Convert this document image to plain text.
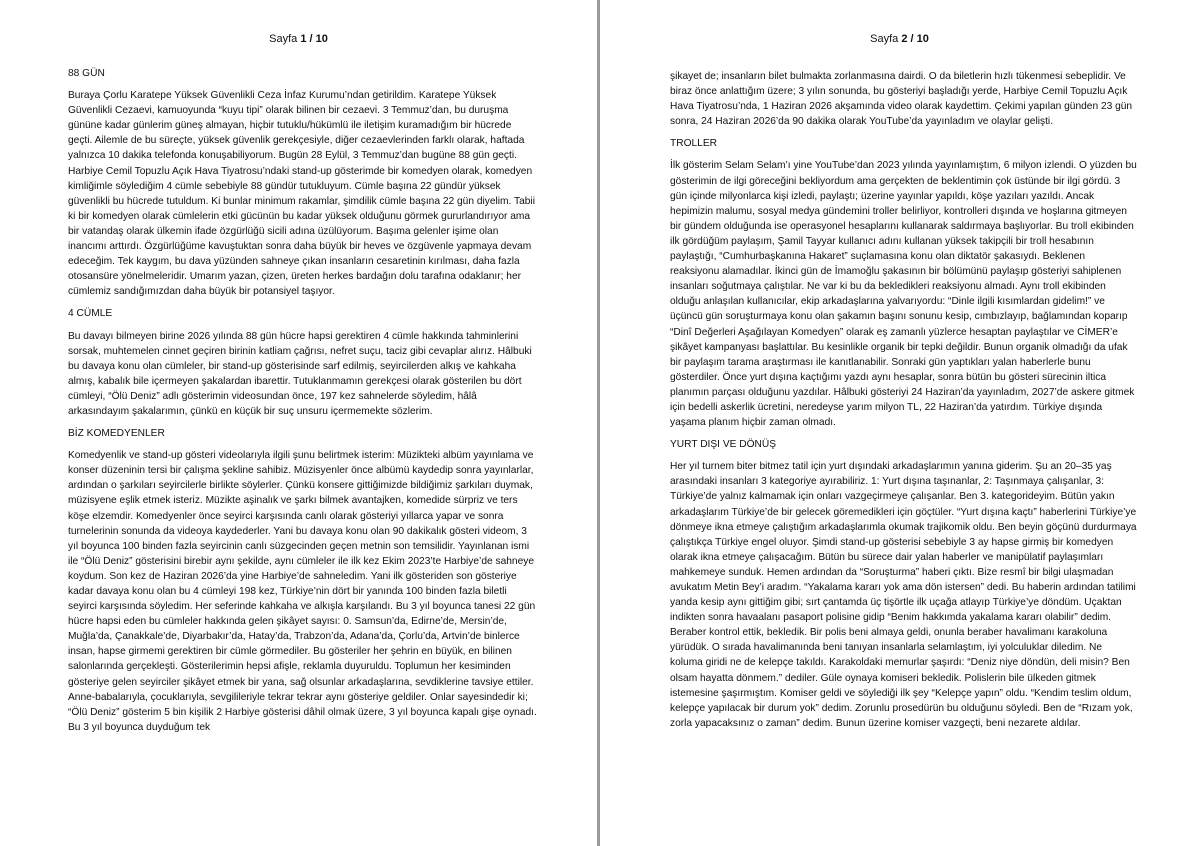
Sayfa 1 / 10
88 GÜN
Buraya Çorlu Karatepe Yüksek Güvenlikli Ceza İnfaz Kurumu’ndan getirildim. Karatepe Yüksek Güvenlikli Cezaevi, kamuoyunda “kuyu tipi” olarak bilinen bir cezaevi. 3 Temmuz’dan, bu duruşma gününe kadar günlerim güneş almayan, hiçbir tutuklu/hükümlü ile iletişim kuramadığım bir hücrede geçti. Ailemle de bu süreçte, yüksek güvenlik gerekçesiyle, diğer cezaevlerinden farklı olarak, haftada yalnızca 10 dakika telefonda konuşabiliyorum. Bugün 28 Eylül, 3 Temmuz’dan bugüne 88 gün geçti. Harbiye Cemil Topuzlu Açık Hava Tiyatrosu’ndaki stand-up gösterimde bir komedyen olarak, komedyen kimliğimle söylediğim 4 cümle sebebiyle 88 gündür tutukluyum. Cümle başına 22 gündür yüksek güvenlikli bu hücrede tutuldum. Ki bunlar minimum rakamlar, şimdilik cümle başına 22 gün diyelim. Tabii ki bir komedyen olarak cümlelerin etki gücünün bu kadar yüksek olduğunu görmek gururlandırıyor ama bir vatandaş olarak ülkemin ifade özgürlüğü sicili adına üzülüyorum. Başıma gelenler işime olan inancımı arttırdı. Özgürlüğüme kavuştuktan sonra daha büyük bir heves ve özgüvenle yapmaya devam edeceğim. Tek kaygım, bu dava yüzünden sahneye çıkan insanların cesaretinin kırılması, daha fazla otosansüre yönelmeleridir. Umarım yazan, çizen, üreten herkes bardağın dolu tarafına odaklanır; her cümlemiz sandığımızdan daha büyük bir potansiyel taşıyor.
4 CÜMLE
Bu davayı bilmeyen birine 2026 yılında 88 gün hücre hapsi gerektiren 4 cümle hakkında tahminlerini sorsak, muhtemelen cinnet geçiren birinin katliam çağrısı, nefret suçu, taciz gibi cevaplar alırız. Hâlbuki bu davaya konu olan cümleler, bir stand-up gösterisinde sarf edilmiş, seyircilerden alkış ve kahkaha almış, kabalık bile içermeyen şakalardan ibarettir. Tutuklanmamın gerekçesi olarak gösterilen bu dört cümleyi, “Ölü Deniz” adlı gösterimin videosundan önce, 197 kez sahnelerde söyledim, hâlâ arkasındayım şakalarımın, çünkü en küçük bir suç unsuru içermemekte sözlerim.
BİZ KOMEDYENLER
Komedyenlik ve stand-up gösteri videolarıyla ilgili şunu belirtmek isterim: Müzikteki albüm yayınlama ve konser düzeninin tersi bir çalışma şekline sahibiz. Müzisyenler önce albümü kaydedip sonra yayınlarlar, ardından o şarkıları seyircilerle birlikte söylerler. Çünkü konsere gittiğimizde bildiğimiz şarkıları duymak, müzisyene eşlik etmek isteriz. Müzikte aşinalık ve şarkı bilmek avantajken, komedide sürpriz ve ters köşe elzemdir. Komedyenler önce seyirci karşısında canlı olarak gösteriyi yıllarca yapar ve sonra turnelerinin sonunda da videoya kaydederler. Yani bu davaya konu olan 90 dakikalık gösteri videom, 3 yıl boyunca 100 binden fazla seyircinin canlı süzgecinden geçen metnin son temsilidir. Yayınlanan ismi ile “Ölü Deniz” gösterisini birebir aynı şekilde, aynı cümleler ile ilk kez Ekim 2023’te Harbiye’de sahneye koydum. Son kez de Haziran 2026’da yine Harbiye’de sahneledim. Yani ilk gösteriden son gösteriye kadar davaya konu olan bu 4 cümleyi 198 kez, Türkiye’nin dört bir yanında 100 binden fazla biletli seyirci karşısında söyledim. Her seferinde kahkaha ve alkışla karşılandı. Bu 3 yıl boyunca tanesi 22 gün hücre hapsi eden bu cümleler hakkında gelen şikâyet sayısı: 0. Samsun’da, Edirne’de, Mersin’de, Muğla’da, Çanakkale’de, Diyarbakır’da, Hatay’da, Trabzon’da, Adana’da, Çorlu’da, Artvin’de binlerce insan, hapse girmemi gerektiren bir cümle görmediler. Bu gösteriler her şehrin en büyük, en bilinen salonlarında gerçekleşti. Gösterilerimin hepsi afişle, reklamla duyuruldu. Toplumun her kesiminden gösteriye gelen seyirciler şikâyet etmek bir yana, sağ olsunlar arkadaşlarına, sevdiklerine tavsiye ettiler. Anne-babalarıyla, çocuklarıyla, sevgilileriyle tekrar tekrar aynı gösteriye geldiler. Onlar sayesindedir ki; “Ölü Deniz” gösterim 5 bin kişilik 2 Harbiye gösterisi dâhil olmak üzere, 3 yıl boyunca kapalı gişe oynadı. Bu 3 yıl boyunca duyduğum tek
Sayfa 2 / 10
şikayet de; insanların bilet bulmakta zorlanmasına dairdi. O da biletlerin hızlı tükenmesi sebeplidir. Ve biraz önce anlattığım üzere; 3 yılın sonunda, bu gösteriyi başladığı yerde, Harbiye Cemil Topuzlu Açık Hava Tiyatrosu’nda, 1 Haziran 2026 akşamında video olarak kaydettim. Çekimi yapılan günden 23 gün sonra, 24 Haziran 2026’da 90 dakika olarak YouTube’da yayınladım ve olaylar gelişti.
TROLLER
İlk gösterim Selam Selam’ı yine YouTube’dan 2023 yılında yayınlamıştım, 6 milyon izlendi. O yüzden bu gösterimin de ilgi göreceğini bekliyordum ama gerçekten de beklentimin çok üstünde bir ilgi gördü. 3 gün içinde milyonlarca kişi izledi, paylaştı; üzerine yayınlar yapıldı, köşe yazıları yazıldı. Ancak hepimizin malumu, sosyal medya gündemini troller belirliyor, kontrolleri dışında ve hoşlarına gitmeyen bir gündem olduğunda ise operasyonel hesaplarını kullanarak saldırmaya başlıyorlar. Bu troll ekibinden ilk gördüğüm paylaşım, Şamil Tayyar kullanıcı adını kullanan yüksek takipçili bir troll hesabının paylaştığı, “Cumhurbaşkanına Hakaret” suçlamasına konu olan diktatör şakasıydı. Beklenen reaksiyonu alamadılar. İkinci gün de İmamoğlu şakasının bir bölümünü paylaşıp gösteriyi sahiplenen insanları soğutmaya çalıştılar. Ne var ki bu da bekledikleri reaksiyonu almadı. Aynı troll ekibinden olduğu anlaşılan kullanıcılar, ekip arkadaşlarına yalvarıyordu: “Dinle ilgili kısımlardan gidelim!” ve üçüncü gün soruşturmaya konu olan şakamın başını sonunu kesip, cımbızlayıp, bağlamından koparıp “Dinî Değerleri Aşağılayan Komedyen” olarak eş zamanlı yüzlerce hesaptan paylaştılar ve CİMER’e şikâyet kampanyası başlattılar. Bu kesinlikle organik bir tepki değildir. Bunun organik olmadığı da ufak bir paylaşım tarama araştırması ile kanıtlanabilir. Sonraki gün yaptıkları yalan haberlerle bunu gösterdiler. Önce yurt dışına kaçtığımı yazdı aynı hesaplar, sonra bütün bu gösteri sürecinin iltica planımın parçası olduğunu yazdılar. Hâlbuki gösteriyi 24 Haziran’da yayınladım, 2027’de askere gitmek için bedelli askerlik ücretini, neredeyse yarım milyon TL, 22 Haziran’da yatırdım. Türkiye dışında yaşama planım hiçbir zaman olmadı.
YURT DIŞI VE DÖNÜŞ
Her yıl turnem biter bitmez tatil için yurt dışındaki arkadaşlarımın yanına giderim. Şu an 20–35 yaş arasındaki insanları 3 kategoriye ayırabiliriz. 1: Yurt dışına taşınanlar, 2: Taşınmaya çalışanlar, 3: Türkiye’de yalnız kalmamak için onları vazgeçirmeye çalışanlar. Ben 3. kategorideyim. Bütün yakın arkadaşlarım Türkiye’de bir gelecek göremedikleri için göçtüler. “Yurt dışına kaçtı” haberlerini Türkiye’ye dönmeye ikna etmeye çalıştığım arkadaşlarımla okumak trajikomik oldu. Ben beyin göçünü durdurmaya çalıştıkça Türkiye engel oluyor. Şimdi stand-up gösterisi sebebiyle 3 ay hapse girmiş bir komedyen olarak ikna etmeye çalışacağım. Bütün bu sürece dair yalan haberler ve manipülatif paylaşımları mahkemeye sunduk. Hemen ardından da “Soruşturma” haberi çıktı. Bize resmî bir bilgi ulaşmadan avukatım Metin Bey’i aradım. “Yakalama kararı yok ama dön istersen” dedi. Bu haberin ardından tatilimi yanda kesip aynı gittiğim gibi; sırt çantamda üç tişörtle ilk uçağa atlayıp Türkiye’ye döndüm. Uçaktan indikten sonra havaalanı pasaport polisine gidip “Benim hakkımda yakalama kararı olabilir” dedim. Beraber kontrol ettik, bekledik. Bir polis beni almaya geldi, onunla beraber havalimanı karakoluna yürüdük. O sırada havalimanında beni tanıyan insanlarla selamlaştım, iyi yolculuklar diledim. Ne koluma giridi ne de kelepçe takıldı. Karakoldaki memurlar şaşırdı: “Deniz niye döndün, deli misin? Ben olsam hayatta dönmem.” dediler. Güle oynaya komiseri bekledik. Polislerin bile ülkeden gitmek istemesine şaşırmıştım. Komiser geldi ve söylediği ilk şey “Kelepçe yapın” oldu. “Kendim teslim oldum, kelepçe yapılacak bir durum yok” dedim. Zorunlu prosedürün bu olduğunu söyledi. Ben de “Rızam yok, zorla yapacaksınız o zaman” dedim. Bunun üzerine komiser vazgeçti, beni nezarete aldılar.
